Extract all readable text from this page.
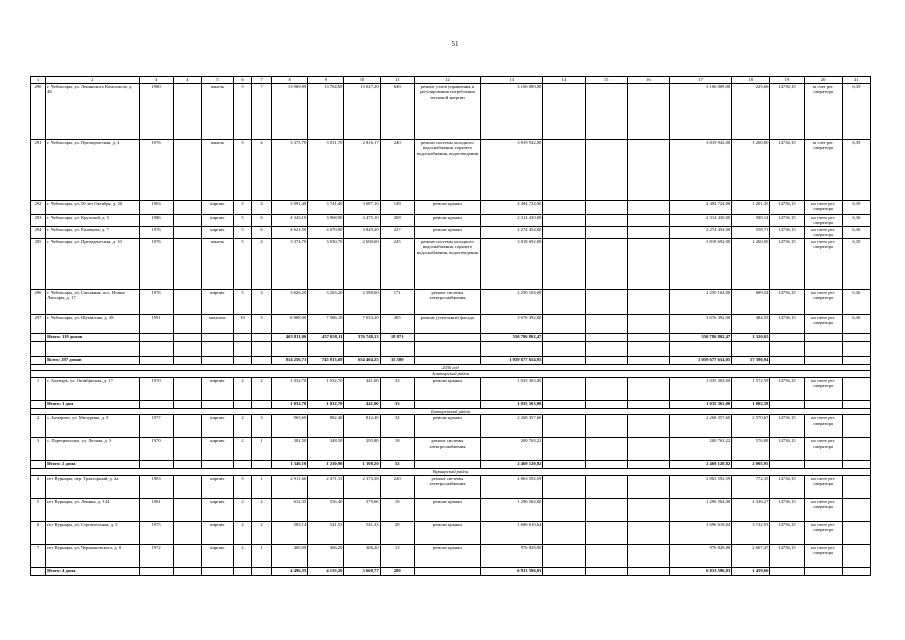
51
1	2	3	4	5	6	7	8	9	10	11	12	13	14	15	16	17	18	19	20	21
290	г. Чебоксары, ул. Ленинского Комсомола, д. 48	1980		панель	5	7	13 969,99	13 764,69	13 027,20	649	ремонт узлов управления и регулирования потребления тепловой энергии	3 106 089,00				3 106 089,00	225,66	14736,15	за счет рег. оператора	6,39
291	г. Чебоксары, ул. Президентская, д. 4	1976		панель	5	4	3 375,70	3 031,70	2 816,17	240	ремонт системы холодного водоснабжения, горячего водоснабжения, водоотведения	3 819 942,00				3 819 942,00	1 260,00	14736,15	за счет рег. оператора	6,39
292	г. Чебоксары, ул. 50 лет Октября, д. 20	1963		кирпич	5	4	3 991,40	3 741,40	3 687,10	149	ремонт крыши	4 494 724,00				4 494 724,00	1 201,35	14736,15	на счете рег. оператора	6,39
293	г. Чебоксары, ул. Крупской, д. 5	1986		кирпич	5	6	4 343,10	3 968,90	3 475,10	208	ремонт крыши	2 314 430,00				2 314 430,00	589,14	14736,15	на счете рег. оператора	6,36
294	г. Чебоксары, ул. Ржавцева, д. 7	1976		кирпич	5	6	4 621,50	4 070,90	3 849,20	227	ремонт крыши	2 274 454,00				2 274 454,00	558,71	14736,15	на счете рег. оператора	6,36
295	г. Чебоксары, ул. Президентская, д. 10	1976		панель	5	4	3 374,70	3 030,70	2 690,60	245	ремонт системы холодного водоснабжения, горячего водоснабжения, водоотведения	3 818 692,00				3 818 692,00	1 260,00	14736,15	на счете рег. оператора	6,39
296	г. Чебоксары, ул. Сапожная, пос. Новые Лапсары, д. 17	1976		кирпич	5	4	3 626,20	3 263,20	2 588,60	171	ремонт системы электроснабжения	2 250 104,00				2 250 104,00	689,54	14736,15	на счете рег. оператора	6,36
297	г. Чебоксары, ул. Шумилова, д. 38	1991		монолит	10	3	8 888,00	7 586,10	7 033,20	305	ремонт (утепление) фасада	3 676 392,00				3 676 392,00	484,55	14736,15	на счете рег. оператора	6,36
	Итого: 119 домов						465 811,06	457 058,11	376 748,13	18 071		550 786 802,47				550 786 802,47	1 320,65			

	Всего: 297 домов						814 256,71	745 813,69	654 404,25	35 580		1 059 677 654,05				1 059 677 654,05	57 396,94			
2030 год																				
Алатырский район																				
1	г. Алатырь, ул. Октябрьская, д. 17	1970		кирпич	2	2	1 032,70	1 032,70	441,00	33	ремонт крыши	1 035 363,00				1 035 363,00	1 572,59	14736,15	на счете рег. оператора	
	Итого: 1 дом						1 032,70	1 032,70	441,00	33		1 035 363,00				1 035 363,00	1 002,58			
Батыревский район																				
2	с. Батырево, ул. Мичурина, д. 5	1977		кирпич	2	3	965,60	882,40	812,40	34	ремонт крыши	2 268 357,60				2 268 357,60	2 570,67	14736,15	на счете рег. оператора	
3	с. Порецкополье, ул. Лесная, д. 3	1970		кирпич	2	1	381,50	348,50	295,80	18	ремонт системы электроснабжения	200 763,22				200 763,22	576,08	14736,15	на счете рег. оператора	
	Итого: 2 дома						1 346,10	1 230,90	1 108,20	52		2 469 120,82				2 469 120,82	2 005,95			
Вурнарский район																				
4	пгт Вурнары, пер. Тракторный, д. 2а	1983		кирпич	5	1	2 911,66	2 471,13	2 373,38	220	ремонт системы электроснабжения	2 863 592,59				2 863 592,59	772,35	14736,15	на счете рег. оператора	
5	пгт Вурнары, ул. Ленина, д. 144	1981		кирпич	2	2	612,35	556,40	379,66	19	ремонт крыши	1 296 564,00				1 296 564,00	2 330,27	14736,15	на счете рег. оператора	
6	пгт Вурнары, ул. Строительная, д. 5	1975		кирпич	2	2	583,14	541,53	541,33	28	ремонт крыши	1 696 610,64				1 696 610,64	3 132,93	14736,15	на счете рег. оператора	
7	пгт Вурнары, ул. Чернышевского, д. 8	1972		кирпич	2	1	400,00	366,20	366,20	13	ремонт крыши	976 828,80				976 828,80	2 667,47	14736,15	на счете рег. оператора	
	Итого: 4 дома						4 496,55	4 135,26	3 660,77	280		6 833 596,03				6 833 596,03	1 459,66			
